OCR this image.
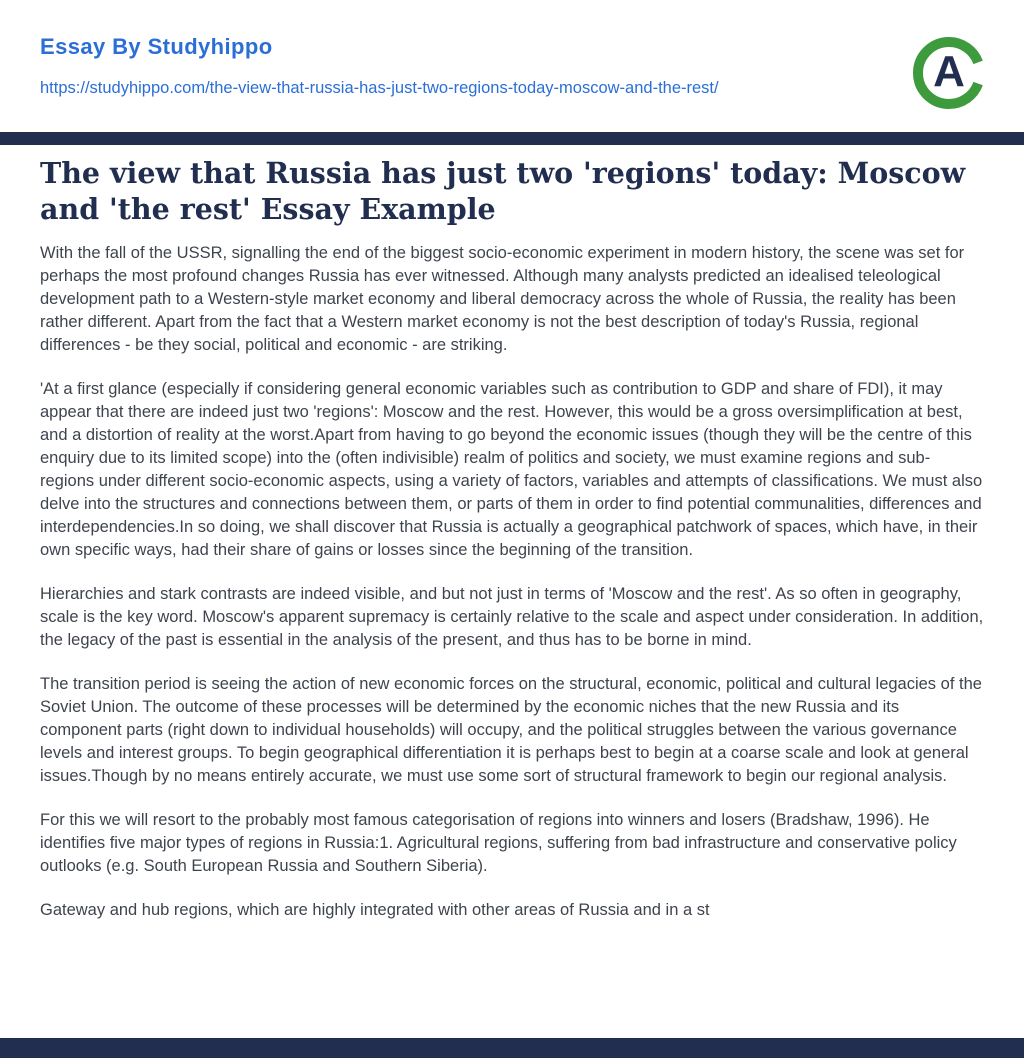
Essay By Studyhippo
https://studyhippo.com/the-view-that-russia-has-just-two-regions-today-moscow-and-the-rest/	A
The view that Russia has just two 'regions' today: Moscow and 'the rest' Essay Example

With the fall of the USSR, signalling the end of the biggest socio-economic experiment in modern history, the scene was set for perhaps the most profound changes Russia has ever witnessed. Although many analysts predicted an idealised teleological development path to a Western-style market economy and liberal democracy across the whole of Russia, the reality has been rather different. Apart from the fact that a Western market economy is not the best description of today's Russia, regional differences - be they social, political and economic - are striking.

'At a first glance (especially if considering general economic variables such as contribution to GDP and share of FDI), it may appear that there are indeed just two 'regions': Moscow and the rest. However, this would be a gross oversimplification at best, and a distortion of reality at the worst.Apart from having to go beyond the economic issues (though they will be the centre of this enquiry due to its limited scope) into the (often indivisible) realm of politics and society, we must examine regions and sub-regions under different socio-economic aspects, using a variety of factors, variables and attempts of classifications. We must also delve into the structures and connections between them, or parts of them in order to find potential communalities, differences and interdependencies.In so doing, we shall discover that Russia is actually a geographical patchwork of spaces, which have, in their own specific ways, had their share of gains or losses since the beginning of the transition.

Hierarchies and stark contrasts are indeed visible, and but not just in terms of 'Moscow and the rest'. As so often in geography, scale is the key word. Moscow's apparent supremacy is certainly relative to the scale and aspect under consideration. In addition, the legacy of the past is essential in the analysis of the present, and thus has to be borne in mind.

The transition period is seeing the action of new economic forces on the structural, economic, political and cultural legacies of the Soviet Union. The outcome of these processes will be determined by the economic niches that the new Russia and its component parts (right down to individual households) will occupy, and the political struggles between the various governance levels and interest groups. To begin geographical differentiation it is perhaps best to begin at a coarse scale and look at general issues.Though by no means entirely accurate, we must use some sort of structural framework to begin our regional analysis.

For this we will resort to the probably most famous categorisation of regions into winners and losers (Bradshaw, 1996). He identifies five major types of regions in Russia:1. Agricultural regions, suffering from bad infrastructure and conservative policy outlooks (e.g. South European Russia and Southern Siberia).

Gateway and hub regions, which are highly integrated with other areas of Russia and in a st
